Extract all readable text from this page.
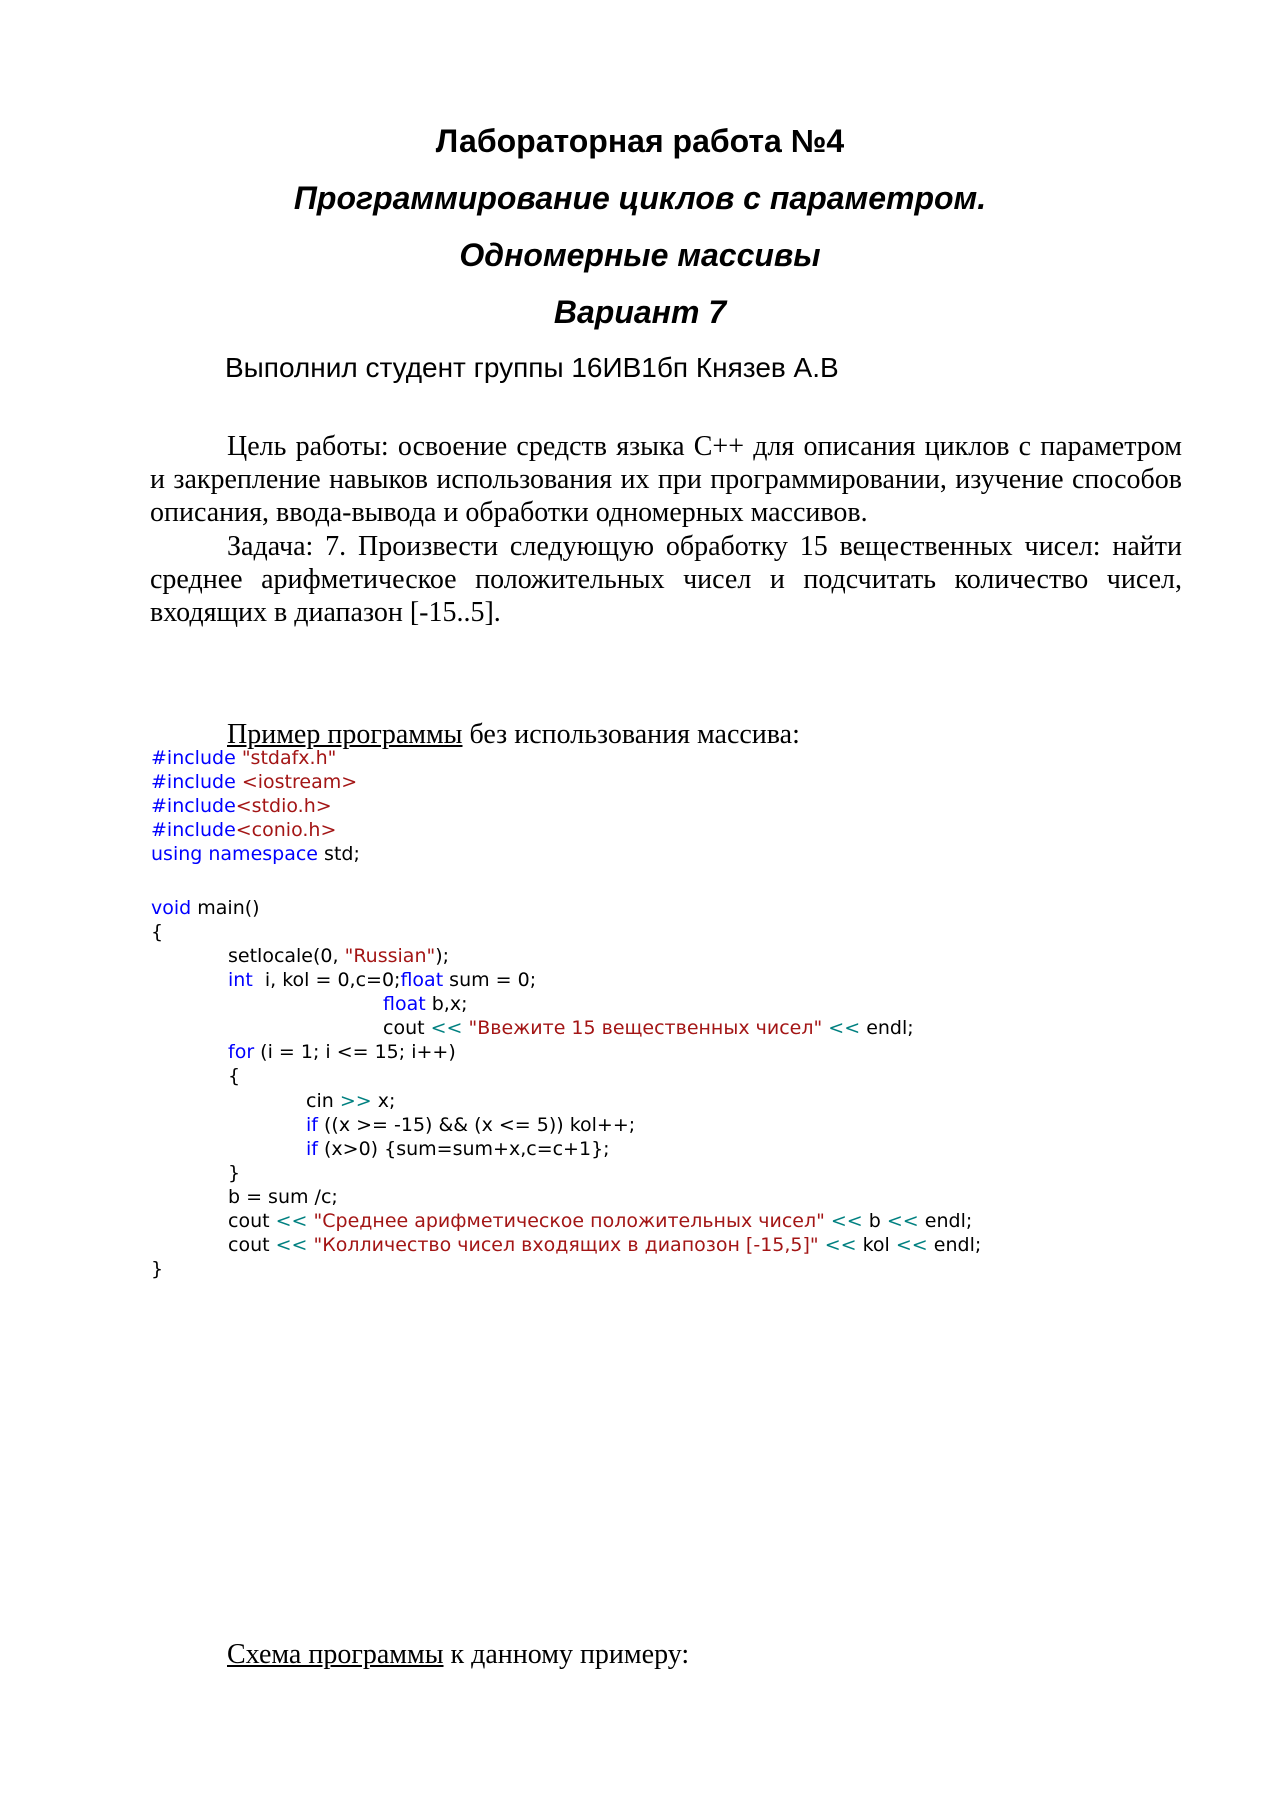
Лабораторная работа №4
Программирование циклов с параметром.
Одномерные массивы
Вариант 7
Выполнил студент группы 16ИВ1бп Князев А.В

Цель работы: освоение средств языка С++ для описания циклов с параметром и закрепление навыков использования их при программировании, изучение способов описания, ввода-вывода и обработки одномерных массивов.

Задача: 7. Произвести следующую обработку 15 вещественных чисел: найти среднее арифметическое положительных чисел и подсчитать количество чисел, входящих в диапазон [-15..5].

Пример программы без использования массива:
#include "stdafx.h"
#include <iostream>
#include<stdio.h>
#include<conio.h>
using namespace std;
void main()
{
setlocale(0, "Russian");
int i, kol = 0,c=0;float sum = 0;
float b,x;
cout << "Ввежите 15 вещественных чисел" << endl;
for (i = 1; i <= 15; i++)
{
cin >> x;
if ((x >= -15) && (x <= 5)) kol++;
if (x>0) {sum=sum+x,c=c+1};
}
b = sum /c;
cout << "Среднее арифметическое положительных чисел" << b << endl;
cout << "Колличество чисел входящих в диапозон [-15,5]" << kol << endl;
}
Схема программы к данному примеру:
